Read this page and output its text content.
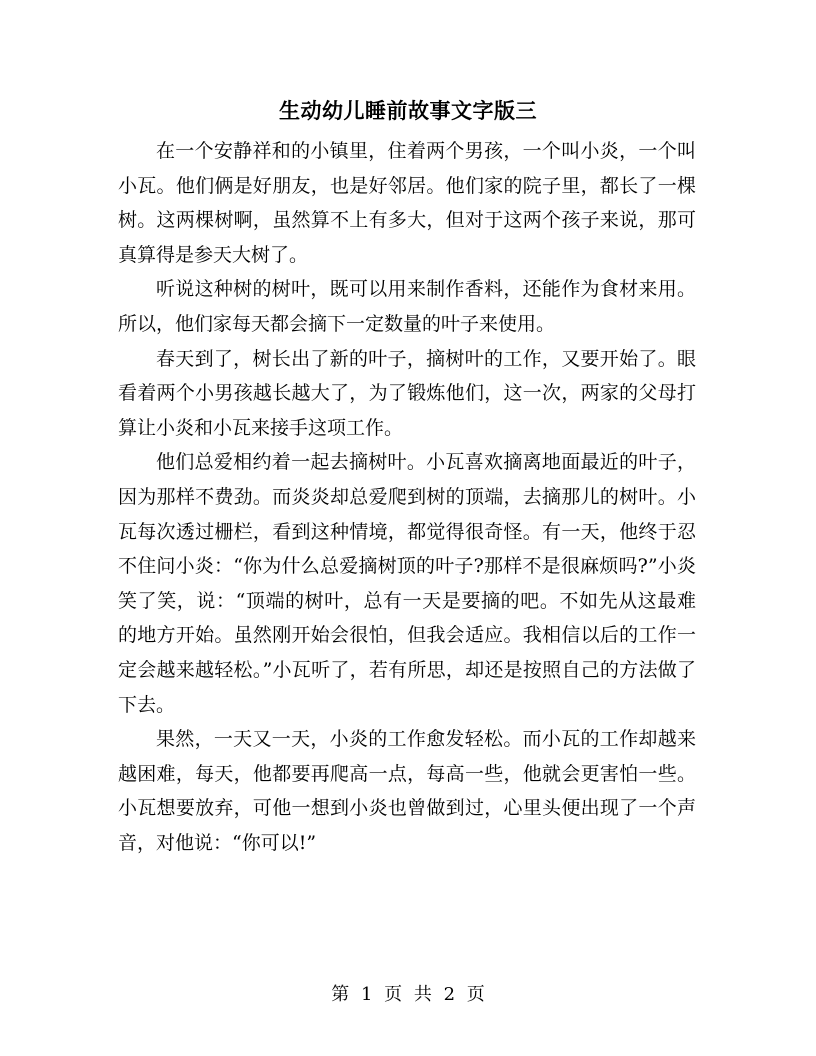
生动幼儿睡前故事文字版三

在一个安静祥和的小镇里，住着两个男孩，一个叫小炎，一个叫小瓦。他们俩是好朋友，也是好邻居。他们家的院子里，都长了一棵树。这两棵树啊，虽然算不上有多大，但对于这两个孩子来说，那可真算得是参天大树了。

听说这种树的树叶，既可以用来制作香料，还能作为食材来用。所以，他们家每天都会摘下一定数量的叶子来使用。

春天到了，树长出了新的叶子，摘树叶的工作，又要开始了。眼看着两个小男孩越长越大了，为了锻炼他们，这一次，两家的父母打算让小炎和小瓦来接手这项工作。

他们总爱相约着一起去摘树叶。小瓦喜欢摘离地面最近的叶子，因为那样不费劲。而炎炎却总爱爬到树的顶端，去摘那儿的树叶。小瓦每次透过栅栏，看到这种情境，都觉得很奇怪。有一天，他终于忍不住问小炎：“你为什么总爱摘树顶的叶子?那样不是很麻烦吗?”小炎笑了笑，说：“顶端的树叶，总有一天是要摘的吧。不如先从这最难的地方开始。虽然刚开始会很怕，但我会适应。我相信以后的工作一定会越来越轻松。”小瓦听了，若有所思，却还是按照自己的方法做了下去。

果然，一天又一天，小炎的工作愈发轻松。而小瓦的工作却越来越困难，每天，他都要再爬高一点，每高一些，他就会更害怕一些。小瓦想要放弃，可他一想到小炎也曾做到过，心里头便出现了一个声音，对他说：“你可以!”

第 1 页 共 2 页
